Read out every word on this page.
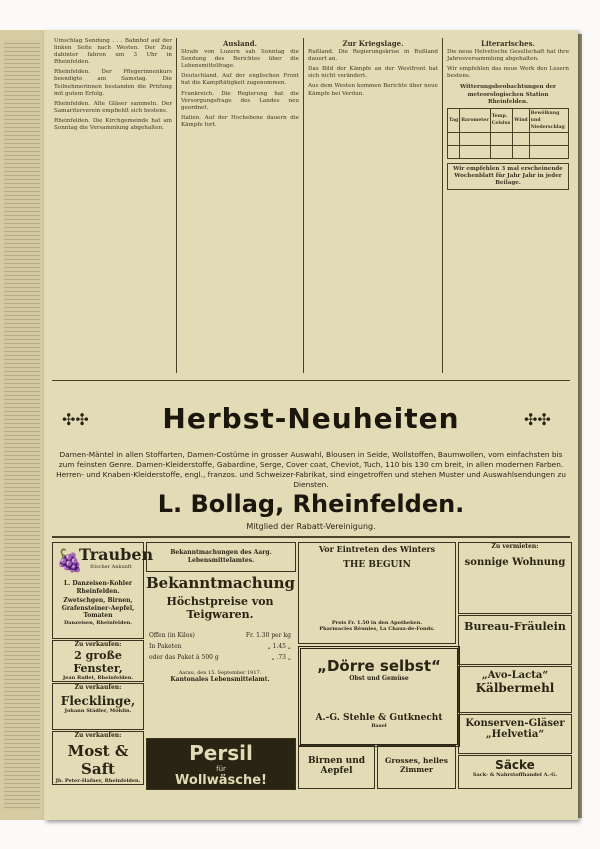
Umschlag Sendung . . . Bahnhof auf der linken Seite nach Westen. Der Zug dahinter fahren um 3 Uhr in Rheinfelden.

Rheinfelden. Der Pflegerinnenkurs beendigte am Samstag. Die Teilnehmerinnen bestanden die Prüfung mit gutem Erfolg.

Rheinfelden. Alte Gläser sammeln. Der Samariterverein empfiehlt sich bestens.

Rheinfelden. Die Kirchgemeinde hat am Sonntag die Versammlung abgehalten.

Ausland.

Strafe von Luzern sah Sonntag die Sendung des Berichtes über die Lebensmittelfrage.

Deutschland. Auf der englischen Front hat die Kampftätigkeit zugenommen.

Frankreich. Die Regierung hat die Versorgungsfrage des Landes neu geordnet.

Italien. Auf der Hochebene dauern die Kämpfe fort.

Zur Kriegslage.

Rußland. Die Regierungskrise in Rußland dauert an.

Das Bild der Kämpfe an der Westfront hat sich nicht verändert.

Aus dem Westen kommen Berichte über neue Kämpfe bei Verdun.

Literarisches.

Die neue Helvetische Gesellschaft hat ihre Jahresversammlung abgehalten.

Wir empfehlen das neue Werk den Lesern bestens.

Witterungsbeobachtungen der meteorologischen Station Rheinfelden.
Tag	Barometer	Temp. Celsius	Wind	Bewölkung und Niederschlag

Wir empfehlen 3 mal erscheinende Wochenblatt für Jahr Jahr in jeder Beilage.
✣✣	✣✣
Herbst-Neuheiten
Damen-Mäntel in allen Stoffarten, Damen-Costüme in grosser Auswahl, Blousen in Seide, Wollstoffen, Baumwollen, vom einfachsten bis zum feinsten Genre. Damen-Kleiderstoffe, Gabardine, Serge, Cover coat, Cheviot, Tuch, 110 bis 130 cm breit, in allen modernen Farben. Herren- und Knaben-Kleiderstoffe, engl., franzos. und Schweizer-Fabrikat, sind eingetroffen und stehen Muster und Auswahlsendungen zu Diensten.
L. Bollag, Rheinfelden.
Mitglied der Rabatt-Vereinigung.
🍇
Trauben
frischer Ankunft
L. Danzeisen-Kohler Rheinfelden.
Zwetschgen, Birnen, Grafensteiner-Aepfel, Tomaten
Danzeisen, Rheinfelden.
Zu verkaufen:
2 große Fenster,
Jean Ruflet, Rheinfelden.
Zu verkaufen:
Flecklinge,
Johann Städler, Möhlin.
Zu verkaufen:
Most & Saft
Jb. Peter-Hafner, Rheinfelden.
Bekanntmachungen des Aarg. Lebensmittelamtes.
Bekanntmachung
Höchstpreise von Teigwaren.
Offen (in Kilos)	Fr. 1.30 per kg
In Paketen	„ 1.45 „
oder das Paket à 500 g	„ .73 „
Aarau, den 15. September 1917.
Kantonales Lebensmittelamt.
Persil
für
Wollwäsche!
Vor Eintreten des Winters
THE BEGUIN
Preis Fr. 1.50 in den Apotheken.
Pharmacies Réunies, La Chaux-de-Fonds.
„Dörre selbst“
Obst und Gemüse
A.-G. Stehle & Gutknecht
Basel
Birnen und Aepfel
Grosses, helles Zimmer
Zu vermieten:
sonnige Wohnung
Bureau-Fräulein
„Avo-Lacta“
Kälbermehl
Konserven-Gläser
„Helvetia“
Säcke
Sack- & Nahrstoffhandel A.-G.
